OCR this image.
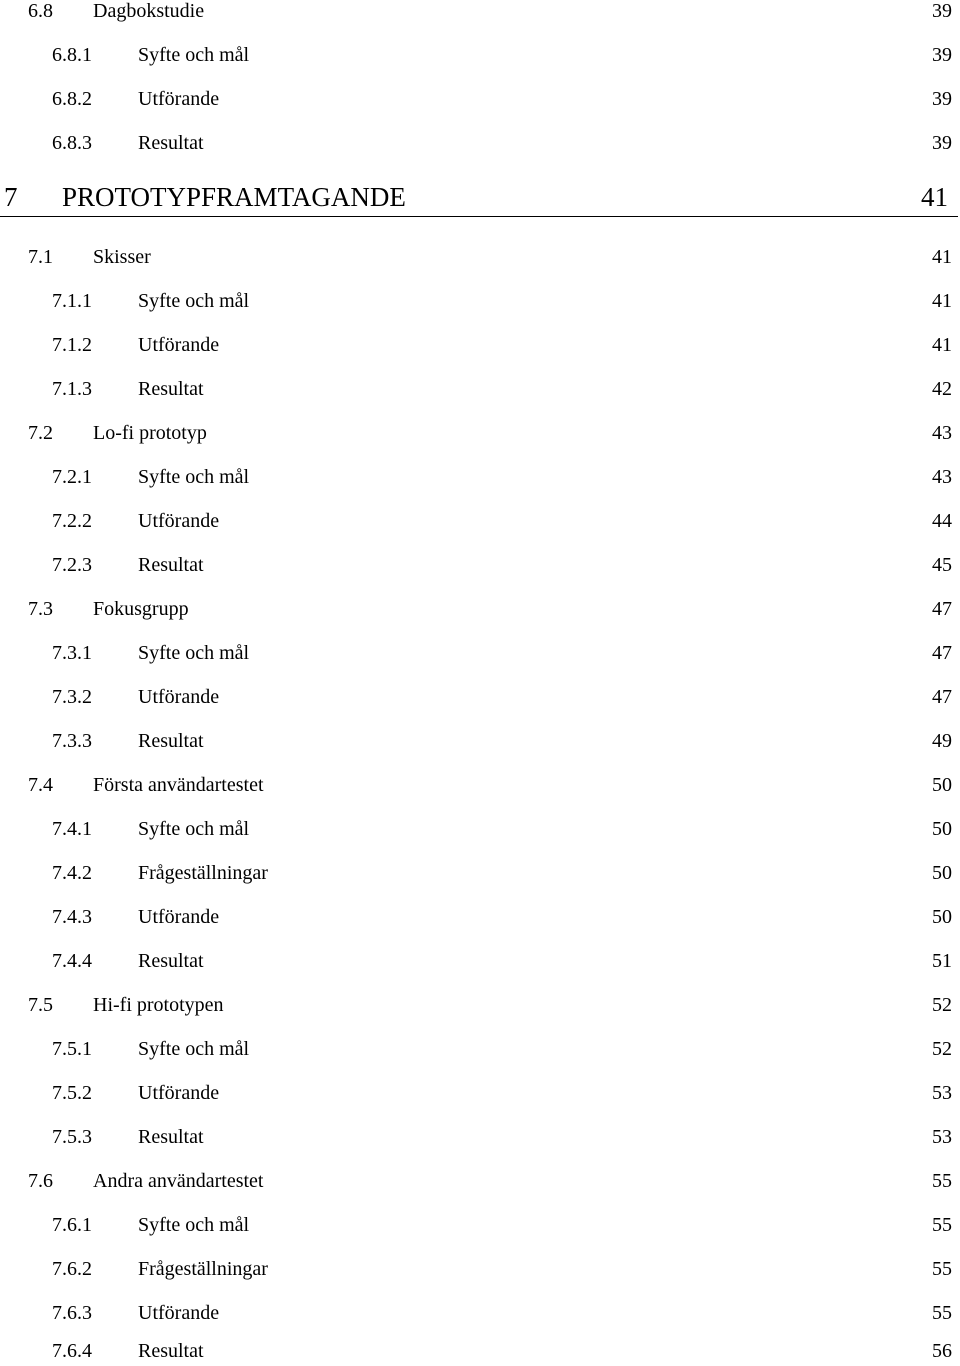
6.8 Dagbokstudie	39
6.8.1 Syfte och mål	39
6.8.2 Utförande	39
6.8.3 Resultat	39
7 PROTOTYPFRAMTAGANDE	41
7.1 Skisser	41
7.1.1 Syfte och mål	41
7.1.2 Utförande	41
7.1.3 Resultat	42
7.2 Lo-fi prototyp	43
7.2.1 Syfte och mål	43
7.2.2 Utförande	44
7.2.3 Resultat	45
7.3 Fokusgrupp	47
7.3.1 Syfte och mål	47
7.3.2 Utförande	47
7.3.3 Resultat	49
7.4 Första användartestet	50
7.4.1 Syfte och mål	50
7.4.2 Frågeställningar	50
7.4.3 Utförande	50
7.4.4 Resultat	51
7.5 Hi-fi prototypen	52
7.5.1 Syfte och mål	52
7.5.2 Utförande	53
7.5.3 Resultat	53
7.6 Andra användartestet	55
7.6.1 Syfte och mål	55
7.6.2 Frågeställningar	55
7.6.3 Utförande	55
7.6.4 Resultat	56
